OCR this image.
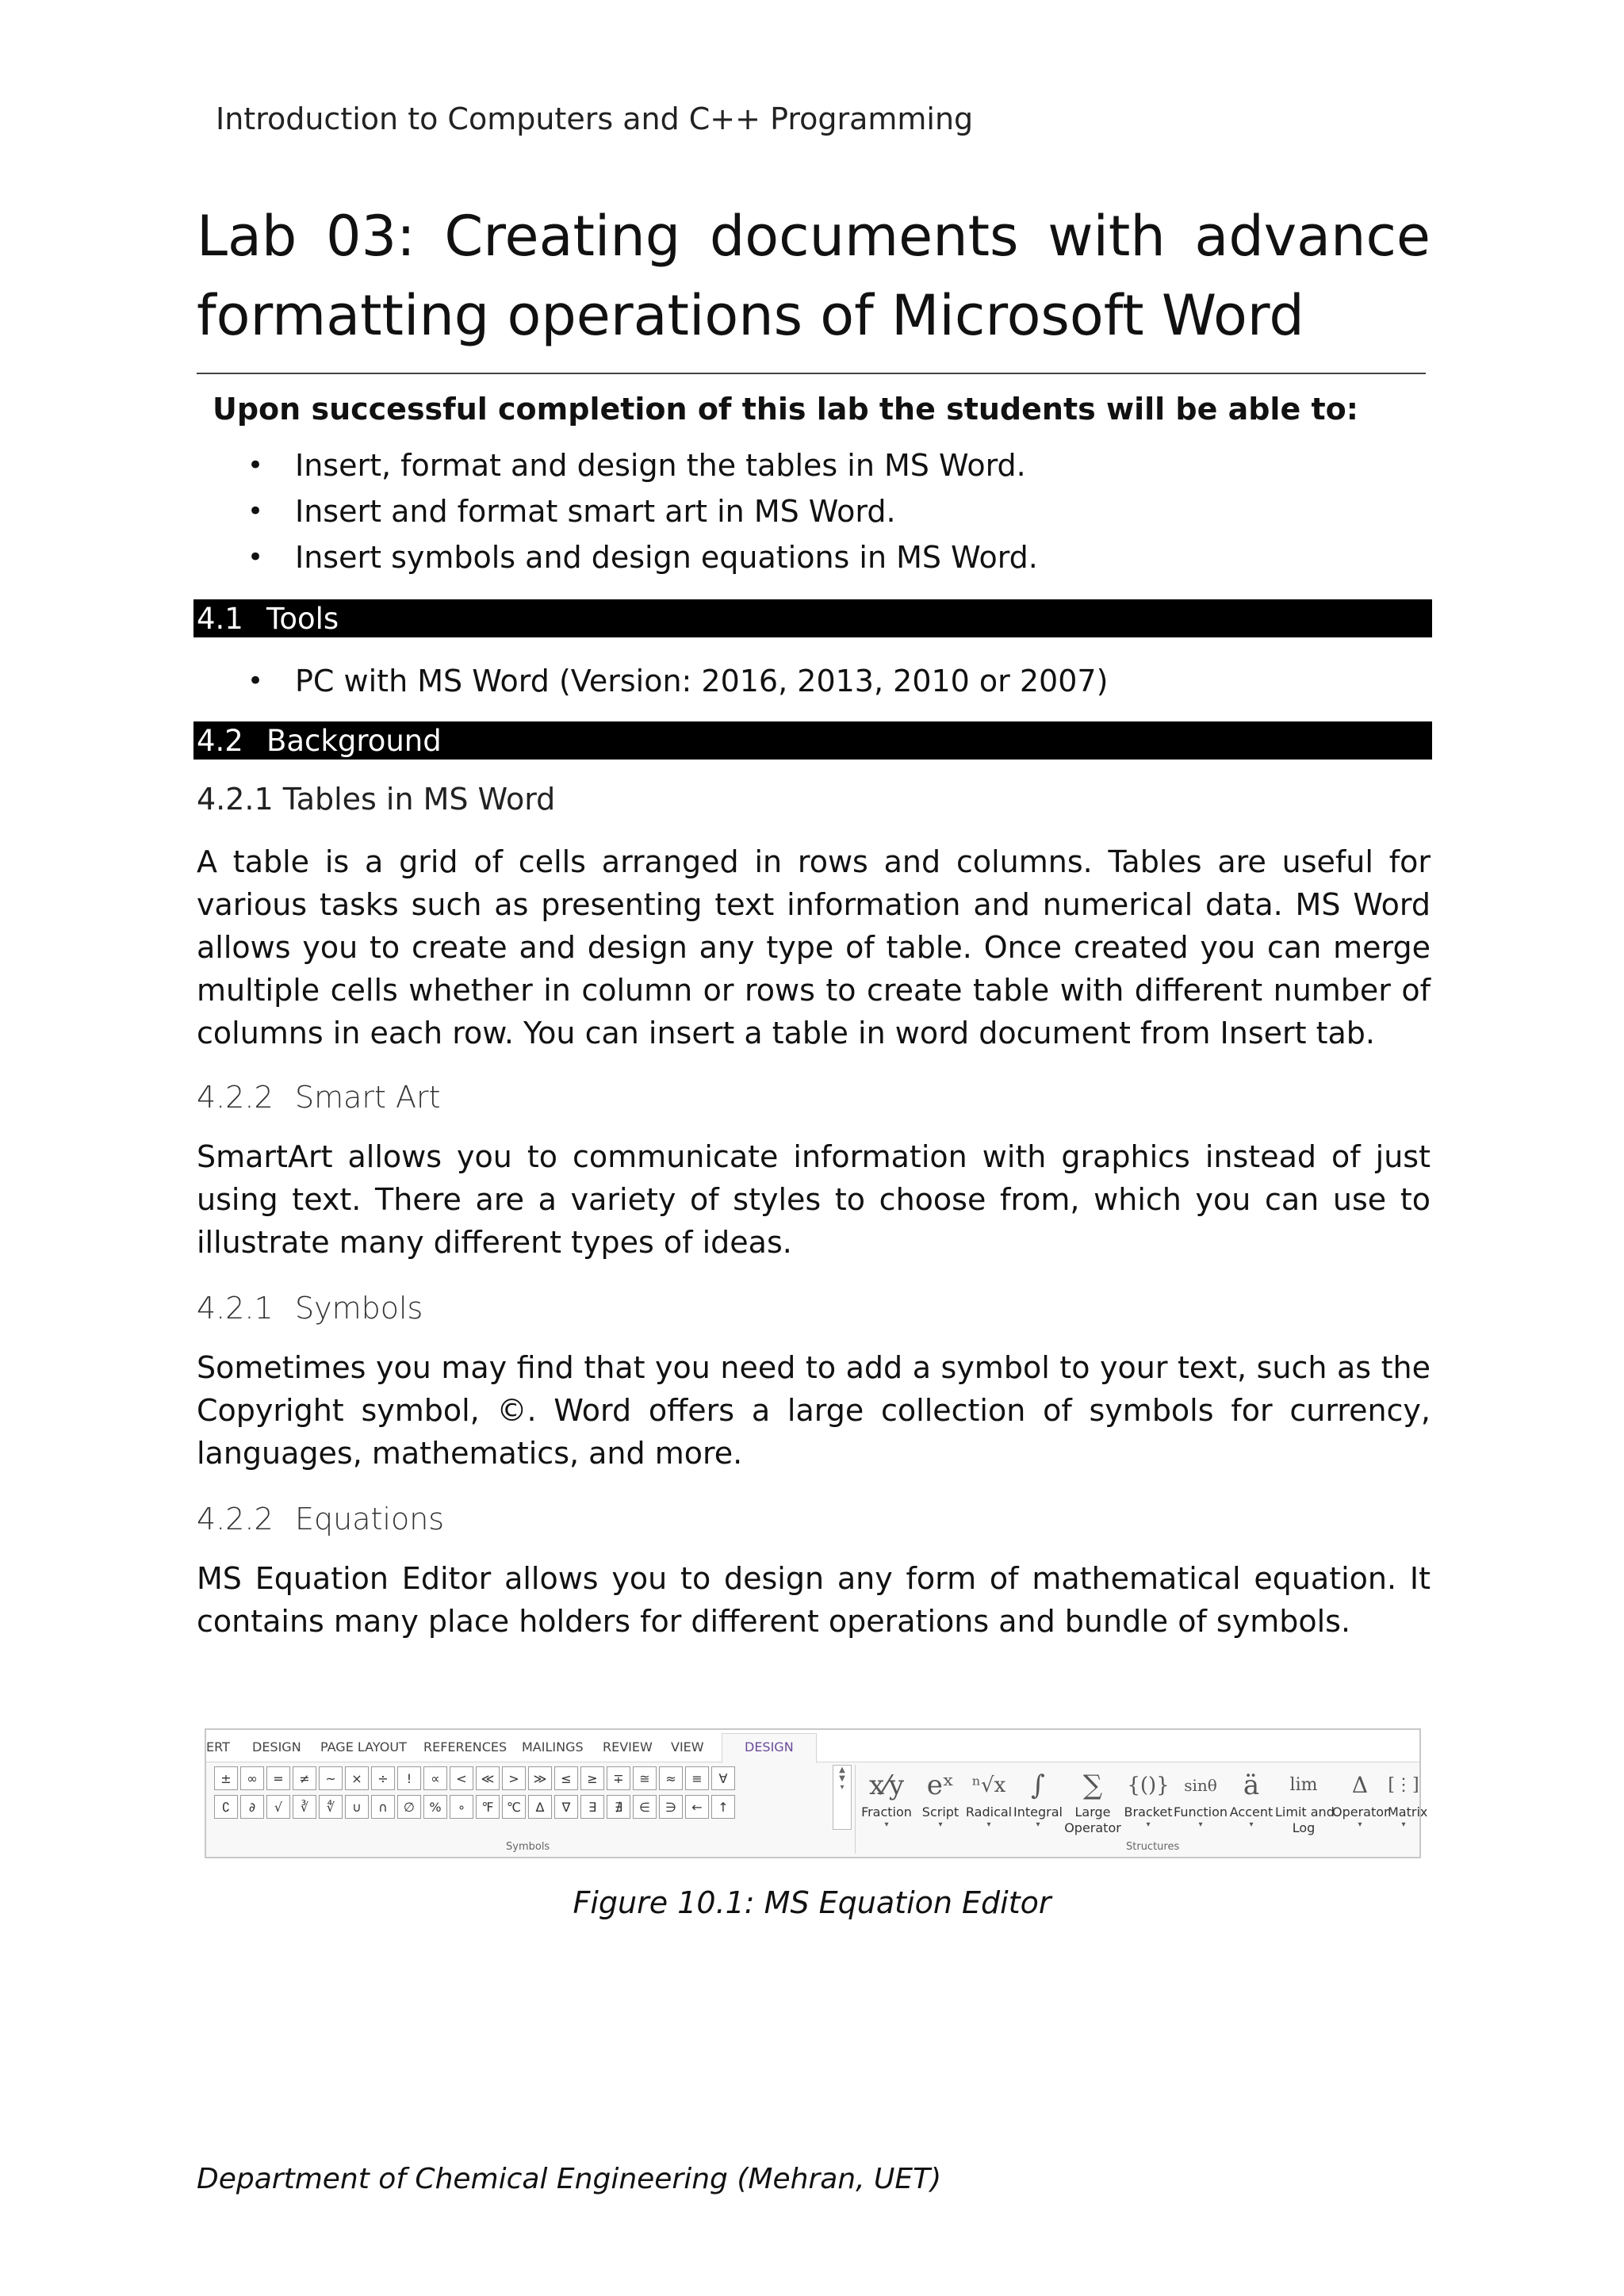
Introduction to Computers and C++ Programming
Lab 03: Creating documents with advance formatting operations of Microsoft Word
Upon successful completion of this lab the students will be able to:
• Insert, format and design the tables in MS Word.
• Insert and format smart art in MS Word.
• Insert symbols and design equations in MS Word.
4.1 Tools
• PC with MS Word (Version: 2016, 2013, 2010 or 2007)
4.2 Background
4.2.1 Tables in MS Word

A table is a grid of cells arranged in rows and columns. Tables are useful for various tasks such as presenting text information and numerical data. MS Word allows you to create and design any type of table. Once created you can merge multiple cells whether in column or rows to create table with different number of columns in each row. You can insert a table in word document from Insert tab.

4.2.2 Smart Art

SmartArt allows you to communicate information with graphics instead of just using text. There are a variety of styles to choose from, which you can use to illustrate many different types of ideas.

4.2.1 Symbols

Sometimes you may find that you need to add a symbol to your text, such as the Copyright symbol, ©. Word offers a large collection of symbols for currency, languages, mathematics, and more.

4.2.2 Equations

MS Equation Editor allows you to design any form of mathematical equation. It contains many place holders for different operations and bundle of symbols.

ERT DESIGN PAGE LAYOUT REFERENCES MAILINGS REVIEW VIEW	DESIGN
±	∞	=	≠	~	×	÷	!	∝	<	≪	>	≫	≤	≥	∓	≅	≈	≡	∀
∁	∂	√	∛	∜	∪	∩	∅	%	∘	℉	℃	∆	∇	∃	∄	∈	∋	←	↑
▲
▼
▾
Symbols
x⁄y
Fraction
▾
eˣ
Script
▾
ⁿ√x
Radical
▾
∫
Integral
▾
∑
Large
Operator
{()}
Bracket
▾
sinθ
Function
▾
ä
Accent
▾
lim
Limit and
Log
Δ
Operator
▾
[⋮]
Matrix
▾
Structures
Figure 10.1: MS Equation Editor
Department of Chemical Engineering (Mehran, UET)
